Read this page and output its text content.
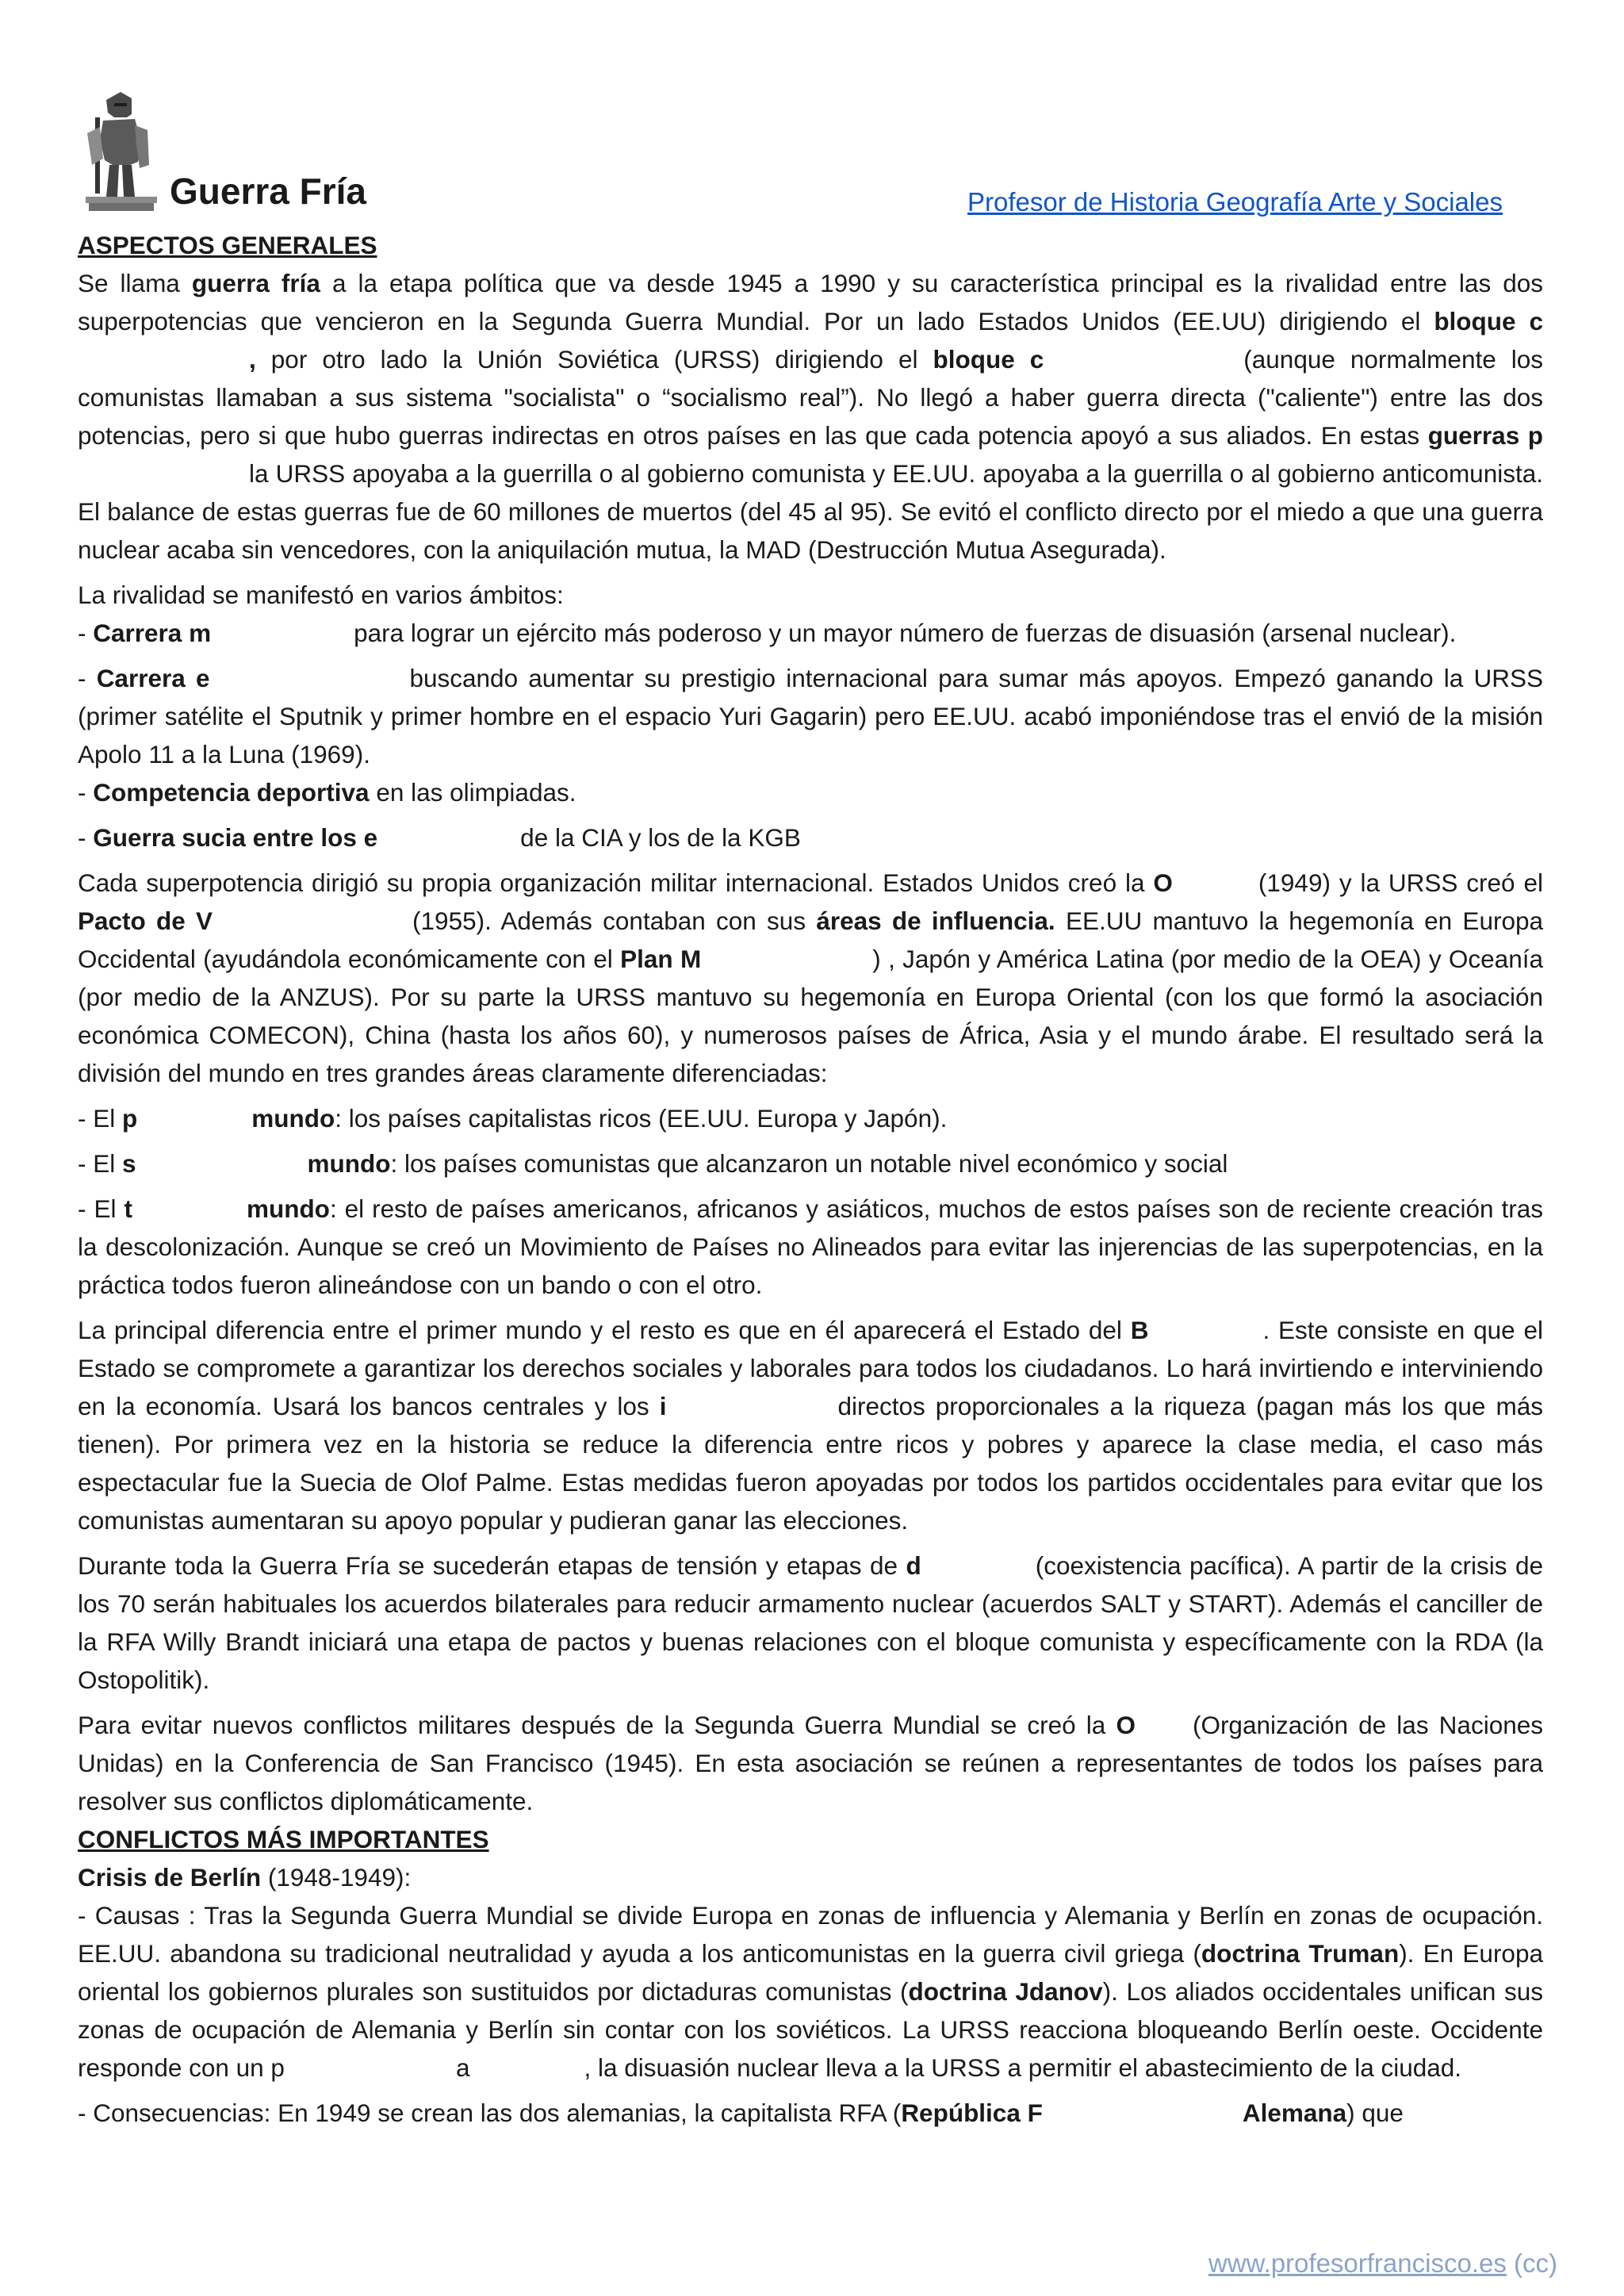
Guerra Fría	Profesor de Historia Geografía Arte y Sociales

ASPECTOS GENERALES

Se llama guerra fría a la etapa política que va desde 1945 a 1990 y su característica principal es la rivalidad entre las dos superpotencias que vencieron en la Segunda Guerra Mundial. Por un lado Estados Unidos (EE.UU) dirigiendo el bloque c, por otro lado la Unión Soviética (URSS) dirigiendo el bloque c	(aunque normalmente los comunistas llamaban a sus sistema "socialista" o “socialismo real”). No llegó a haber guerra directa ("caliente") entre las dos potencias, pero si que hubo guerras indirectas en otros países en las que cada potencia apoyó a sus aliados. En estas guerras pla URSS apoyaba a la guerrilla o al gobierno comunista y EE.UU. apoyaba a la guerrilla o al gobierno anticomunista. El balance de estas guerras fue de 60 millones de muertos (del 45 al 95). Se evitó el conflicto directo por el miedo a que una guerra nuclear acaba sin vencedores, con la aniquilación mutua, la MAD (Destrucción Mutua Asegurada).

La rivalidad se manifestó en varios ámbitos:

- Carrera m	para lograr un ejército más poderoso y un mayor número de fuerzas de disuasión (arsenal nuclear).

- Carrera e	buscando aumentar su prestigio internacional para sumar más apoyos. Empezó ganando la URSS (primer satélite el Sputnik y primer hombre en el espacio Yuri Gagarin) pero EE.UU. acabó imponiéndose tras el envió de la misión Apolo 11 a la Luna (1969).

- Competencia deportiva en las olimpiadas.

- Guerra sucia entre los e	de la CIA y los de la KGB

Cada superpotencia dirigió su propia organización militar internacional. Estados Unidos creó la O	(1949) y la URSS creó el Pacto de V	(1955). Además contaban con sus áreas de influencia. EE.UU mantuvo la hegemonía en Europa Occidental (ayudándola económicamente con el Plan M	) , Japón y América Latina (por medio de la OEA) y Oceanía (por medio de la ANZUS). Por su parte la URSS mantuvo su hegemonía en Europa Oriental (con los que formó la asociación económica COMECON), China (hasta los años 60), y numerosos países de África, Asia y el mundo árabe. El resultado será la división del mundo en tres grandes áreas claramente diferenciadas:

- El p	mundo: los países capitalistas ricos (EE.UU. Europa y Japón).

- El s	mundo: los países comunistas que alcanzaron un notable nivel económico y social

- El t	mundo: el resto de países americanos, africanos y asiáticos, muchos de estos países son de reciente creación tras la descolonización. Aunque se creó un Movimiento de Países no Alineados para evitar las injerencias de las superpotencias, en la práctica todos fueron alineándose con un bando o con el otro.

La principal diferencia entre el primer mundo y el resto es que en él aparecerá el Estado del B	. Este consiste en que el Estado se compromete a garantizar los derechos sociales y laborales para todos los ciudadanos. Lo hará invirtiendo e interviniendo en la economía. Usará los bancos centrales y los i	directos proporcionales a la riqueza (pagan más los que más tienen). Por primera vez en la historia se reduce la diferencia entre ricos y pobres y aparece la clase media, el caso más espectacular fue la Suecia de Olof Palme. Estas medidas fueron apoyadas por todos los partidos occidentales para evitar que los comunistas aumentaran su apoyo popular y pudieran ganar las elecciones.

Durante toda la Guerra Fría se sucederán etapas de tensión y etapas de d	(coexistencia pacífica). A partir de la crisis de los 70 serán habituales los acuerdos bilaterales para reducir armamento nuclear (acuerdos SALT y START). Además el canciller de la RFA Willy Brandt iniciará una etapa de pactos y buenas relaciones con el bloque comunista y específicamente con la RDA (la Ostopolitik).

Para evitar nuevos conflictos militares después de la Segunda Guerra Mundial se creó la O (Organización de las Naciones Unidas) en la Conferencia de San Francisco (1945). En esta asociación se reúnen a representantes de todos los países para resolver sus conflictos diplomáticamente.

CONFLICTOS MÁS IMPORTANTES

Crisis de Berlín (1948-1949):

- Causas : Tras la Segunda Guerra Mundial se divide Europa en zonas de influencia y Alemania y Berlín en zonas de ocupación. EE.UU. abandona su tradicional neutralidad y ayuda a los anticomunistas en la guerra civil griega (doctrina Truman). En Europa oriental los gobiernos plurales son sustituidos por dictaduras comunistas (doctrina Jdanov). Los aliados occidentales unifican sus zonas de ocupación de Alemania y Berlín sin contar con los soviéticos. La URSS reacciona bloqueando Berlín oeste. Occidente responde con un p	a	, la disuasión nuclear lleva a la URSS a permitir el abastecimiento de la ciudad.

- Consecuencias: En 1949 se crean las dos alemanias, la capitalista RFA (República F	Alemana) que

www.profesorfrancisco.es (cc)
